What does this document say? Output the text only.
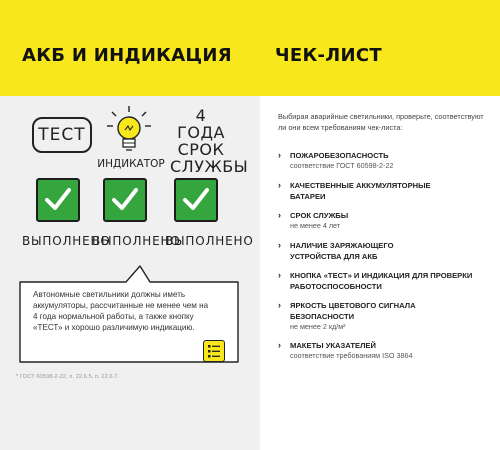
АКБ И ИНДИКАЦИЯ ЧЕК-ЛИСТ
ТЕСТ
ИНДИКАТОР
4 ГОДА
СРОК
СЛУЖБЫ
ВЫПОЛНЕНО
ВЫПОЛНЕНО
ВЫПОЛНЕНО
Автономные светильники должны иметь аккумуляторы, рассчитанные не менее чем на 4 года нормальной работы, а также кнопку «ТЕСТ» и хорошо различимую индикацию.
* ГОСТ 60598-2-22, п. 22.6.5, п. 22.6.7.
Выбирая аварийные светильники, проверьте, соответствуют ли они всем требованиям чек-листа:
› ПОЖАРОБЕЗОПАСНОСТЬ
соответствие ГОСТ 60598-2-22
› КАЧЕСТВЕННЫЕ АККУМУЛЯТОРНЫЕ БАТАРЕИ
› СРОК СЛУЖБЫ
не менее 4 лет
› НАЛИЧИЕ ЗАРЯЖАЮЩЕГО УСТРОЙСТВА ДЛЯ АКБ
› КНОПКА «ТЕСТ» И ИНДИКАЦИЯ ДЛЯ ПРОВЕРКИ РАБОТОСПОСОБНОСТИ
› ЯРКОСТЬ ЦВЕТОВОГО СИГНАЛА БЕЗОПАСНОСТИ
не менее 2 кд/м²
› МАКЕТЫ УКАЗАТЕЛЕЙ
соответствие требованиям ISO 3864
